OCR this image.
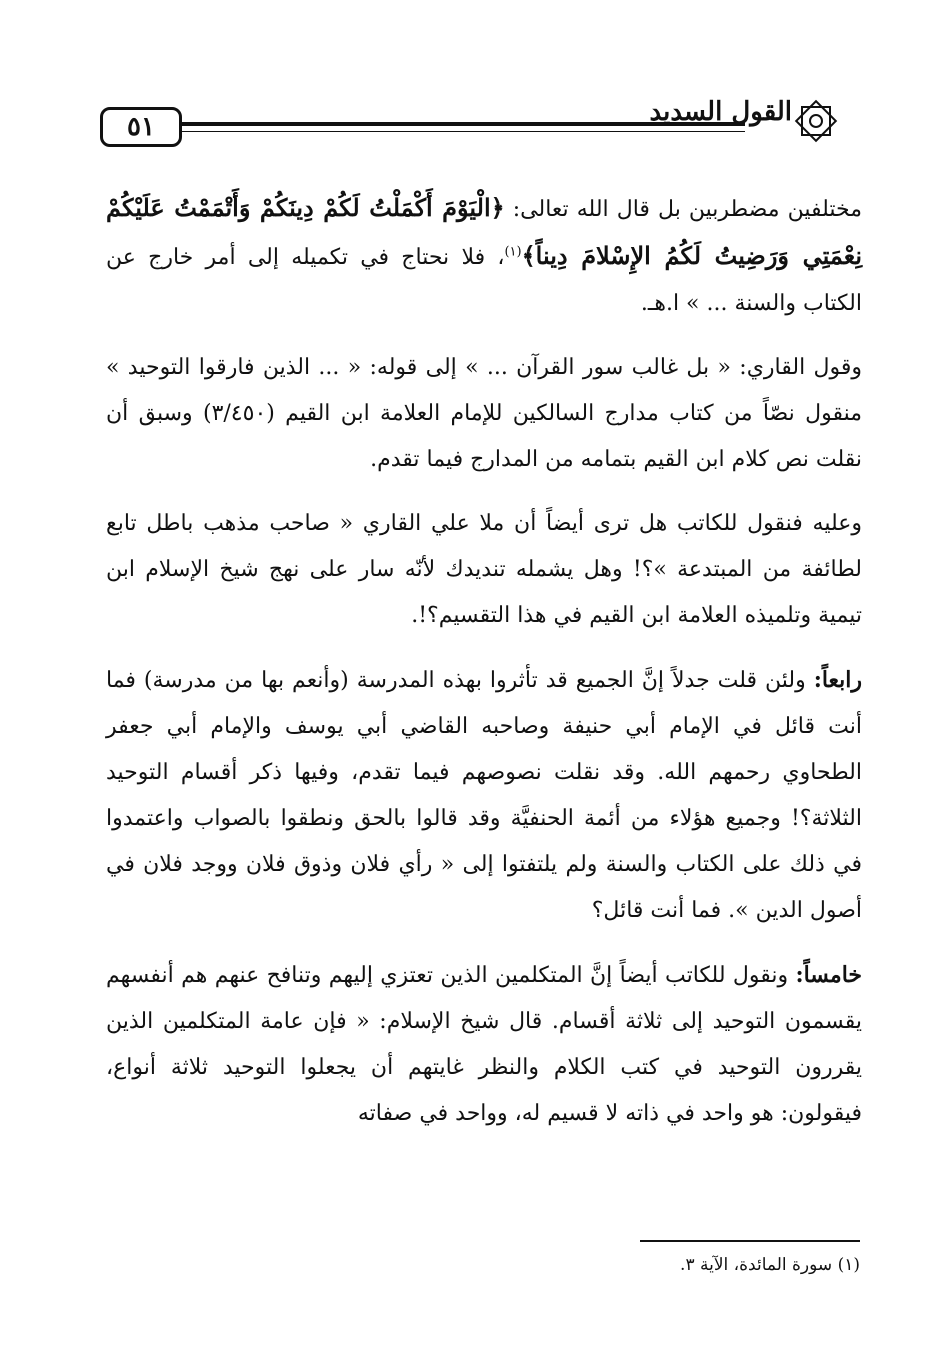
٥١	القول السديد

مختلفين مضطربين بل قال الله تعالى: ﴿الْيَوْمَ أَكْمَلْتُ لَكُمْ دِينَكُمْ وَأَتْمَمْتُ عَلَيْكُمْ نِعْمَتِي وَرَضِيتُ لَكُمُ الإِسْلامَ دِيناً﴾$^{(١)}$، فلا نحتاج في تكميله إلى أمر خارج عن الكتاب والسنة ... » ا.هـ.

وقول القاري: « بل غالب سور القرآن ... » إلى قوله: « ... الذين فارقوا التوحيد » منقول نصّاً من كتاب مدارج السالكين للإمام العلامة ابن القيم (٣/٤٥٠) وسبق أن نقلت نص كلام ابن القيم بتمامه من المدارج فيما تقدم.

وعليه فنقول للكاتب هل ترى أيضاً أن ملا علي القاري « صاحب مذهب باطل تابع لطائفة من المبتدعة »؟! وهل يشمله تنديدك لأنّه سار على نهج شيخ الإسلام ابن تيمية وتلميذه العلامة ابن القيم في هذا التقسيم؟!.

رابعاً: ولئن قلت جدلاً إنَّ الجميع قد تأثروا بهذه المدرسة (وأنعم بها من مدرسة) فما أنت قائل في الإمام أبي حنيفة وصاحبه القاضي أبي يوسف والإمام أبي جعفر الطحاوي رحمهم الله. وقد نقلت نصوصهم فيما تقدم، وفيها ذكر أقسام التوحيد الثلاثة؟! وجميع هؤلاء من أئمة الحنفيَّة وقد قالوا بالحق ونطقوا بالصواب واعتمدوا في ذلك على الكتاب والسنة ولم يلتفتوا إلى « رأي فلان وذوق فلان ووجد فلان في أصول الدين ». فما أنت قائل؟

خامساً: ونقول للكاتب أيضاً إنَّ المتكلمين الذين تعتزي إليهم وتنافح عنهم هم أنفسهم يقسمون التوحيد إلى ثلاثة أقسام. قال شيخ الإسلام: « فإن عامة المتكلمين الذين يقررون التوحيد في كتب الكلام والنظر غايتهم أن يجعلوا التوحيد ثلاثة أنواع، فيقولون: هو واحد في ذاته لا قسيم له، وواحد في صفاته

(١) سورة المائدة، الآية ٣.
